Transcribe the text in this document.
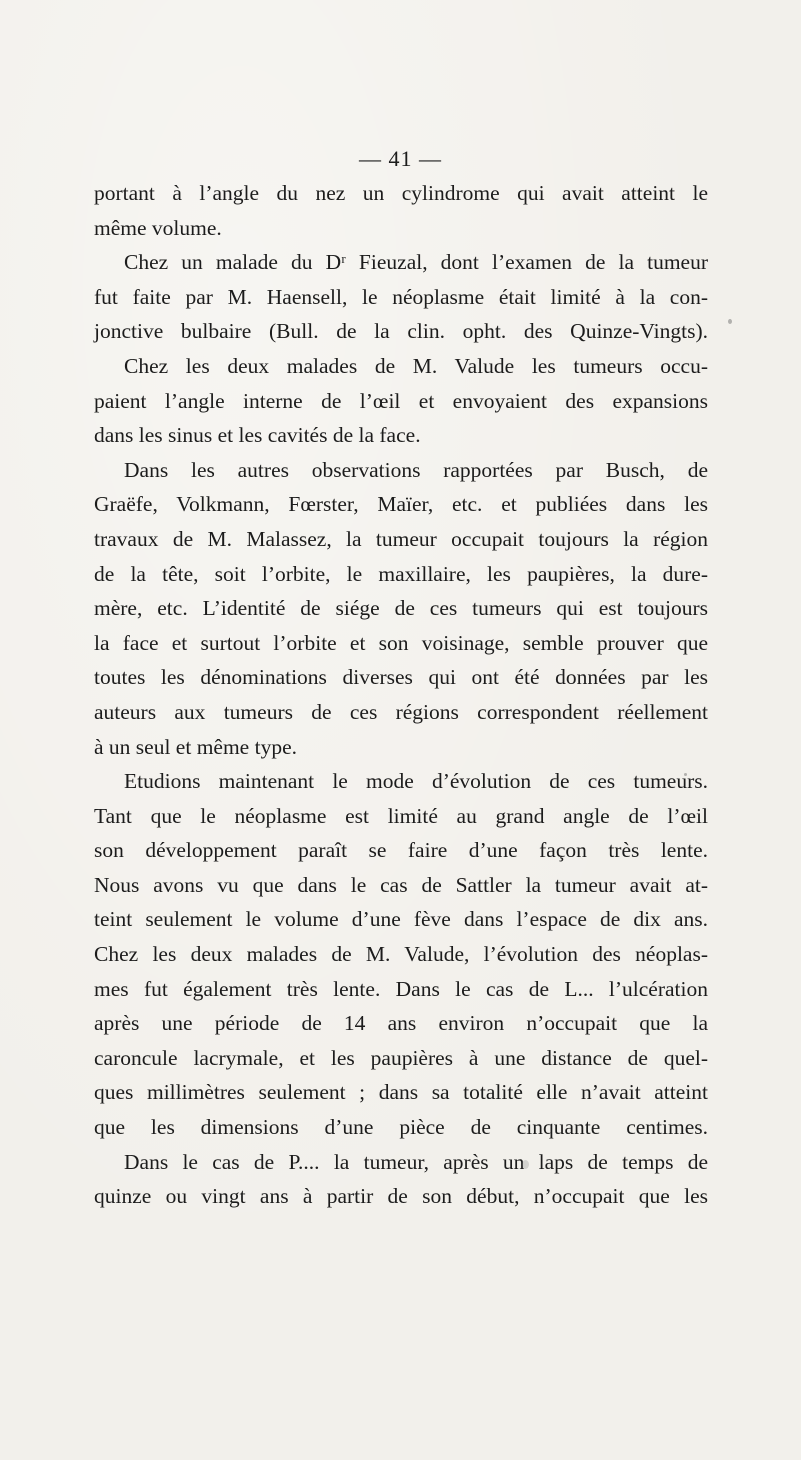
— 41 —
portant à l’angle du nez un cylindrome qui avait atteint le
même volume.
Chez un malade du Dʳ Fieuzal, dont l’examen de la tumeur
fut faite par M. Haensell, le néoplasme était limité à la con-
jonctive bulbaire (Bull. de la clin. opht. des Quinze-Vingts).
Chez les deux malades de M. Valude les tumeurs occu-
paient l’angle interne de l’œil et envoyaient des expansions
dans les sinus et les cavités de la face.
Dans les autres observations rapportées par Busch, de
Graëfe, Volkmann, Fœrster, Maïer, etc. et publiées dans les
travaux de M. Malassez, la tumeur occupait toujours la région
de la tête, soit l’orbite, le maxillaire, les paupières, la dure-
mère, etc. L’identité de siége de ces tumeurs qui est toujours
la face et surtout l’orbite et son voisinage, semble prouver que
toutes les dénominations diverses qui ont été données par les
auteurs aux tumeurs de ces régions correspondent réellement
à un seul et même type.
Etudions maintenant le mode d’évolution de ces tumeurs.
Tant que le néoplasme est limité au grand angle de l’œil
son développement paraît se faire d’une façon très lente.
Nous avons vu que dans le cas de Sattler la tumeur avait at-
teint seulement le volume d’une fève dans l’espace de dix ans.
Chez les deux malades de M. Valude, l’évolution des néoplas-
mes fut également très lente. Dans le cas de L... l’ulcération
après une période de 14 ans environ n’occupait que la
caroncule lacrymale, et les paupières à une distance de quel-
ques millimètres seulement ; dans sa totalité elle n’avait atteint
que les dimensions d’une pièce de cinquante centimes.
Dans le cas de P.... la tumeur, après un laps de temps de
quinze ou vingt ans à partir de son début, n’occupait que les
